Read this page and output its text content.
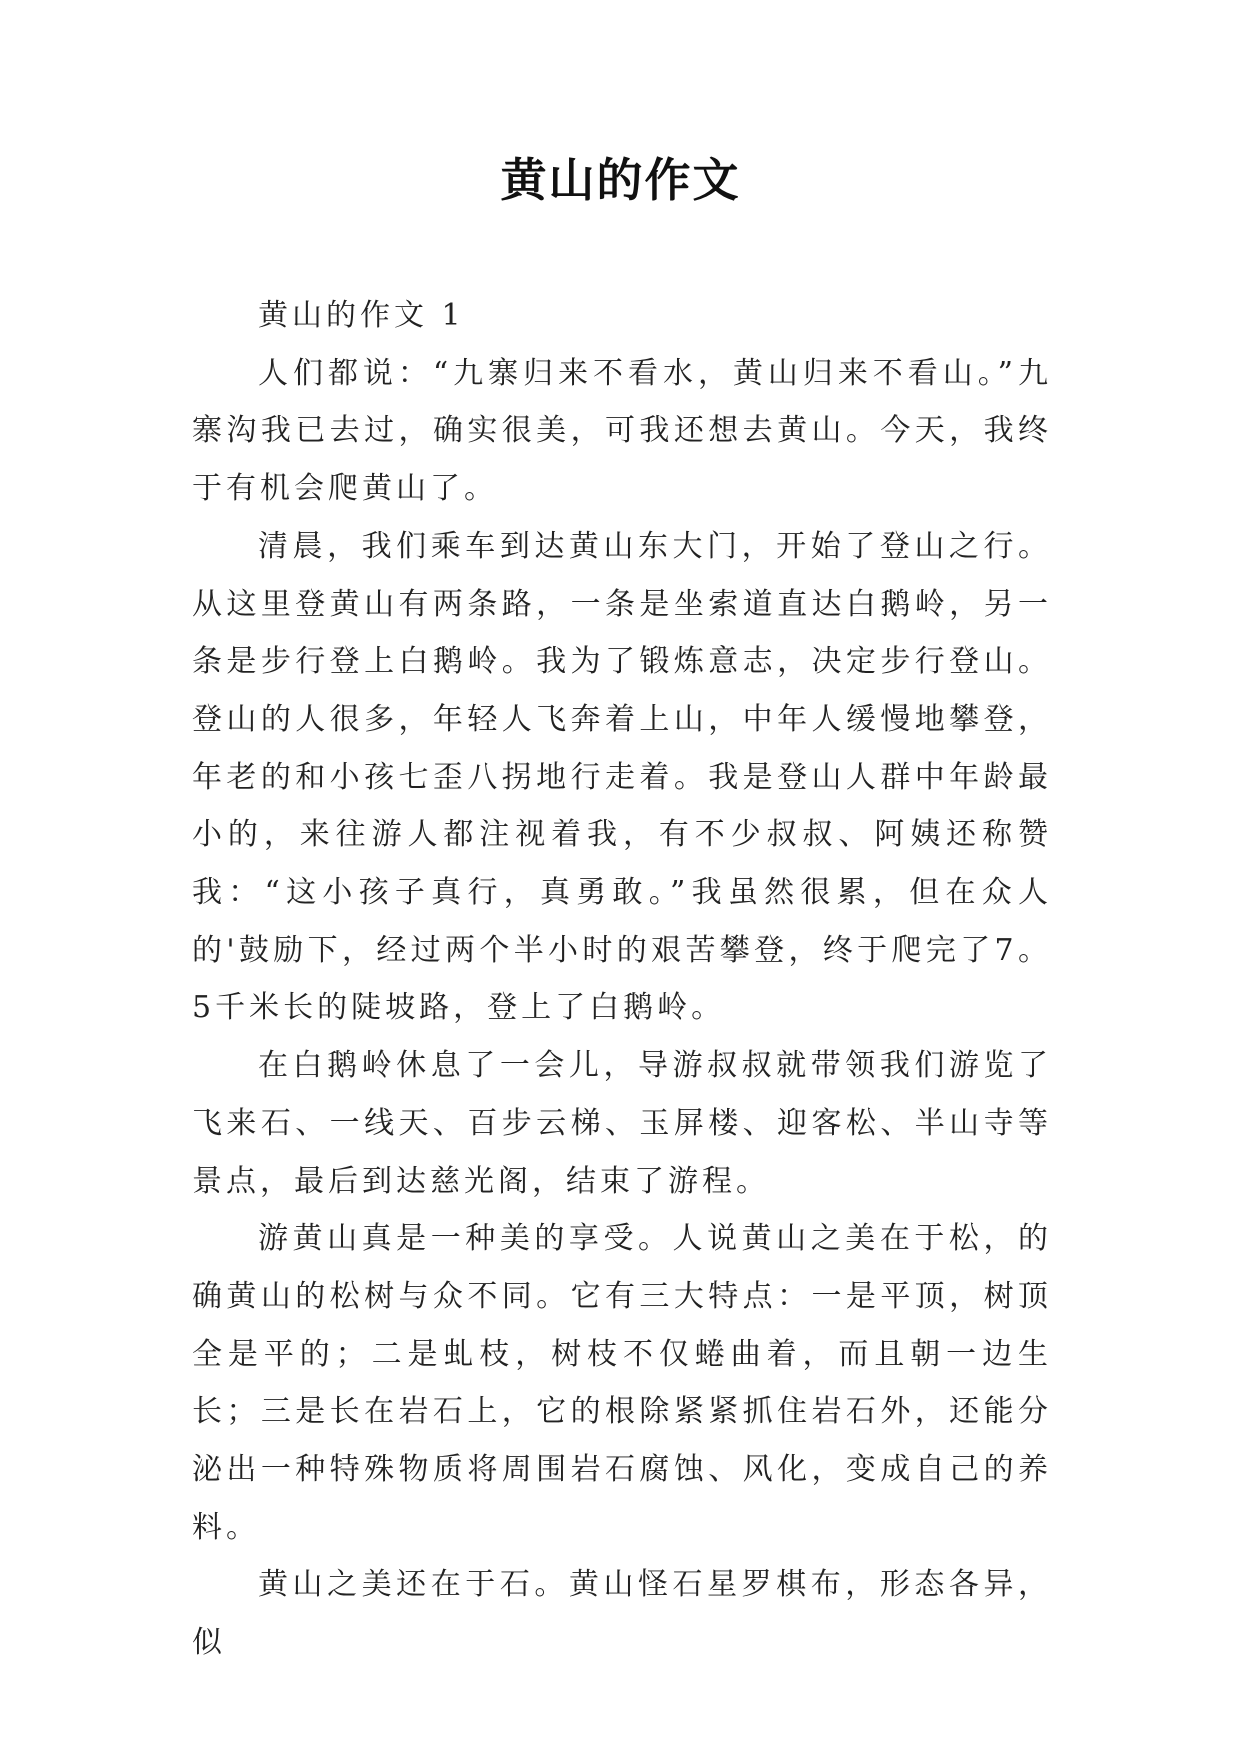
黄山的作文

黄山的作文 1

人们都说：“九寨归来不看水，黄山归来不看山。”九寨沟我已去过，确实很美，可我还想去黄山。今天，我终于有机会爬黄山了。

清晨，我们乘车到达黄山东大门，开始了登山之行。从这里登黄山有两条路，一条是坐索道直达白鹅岭，另一条是步行登上白鹅岭。我为了锻炼意志，决定步行登山。登山的人很多，年轻人飞奔着上山，中年人缓慢地攀登，年老的和小孩七歪八拐地行走着。我是登山人群中年龄最小的，来往游人都注视着我，有不少叔叔、阿姨还称赞我：“这小孩子真行，真勇敢。”我虽然很累，但在众人的'鼓励下，经过两个半小时的艰苦攀登，终于爬完了7。5千米长的陡坡路，登上了白鹅岭。

在白鹅岭休息了一会儿，导游叔叔就带领我们游览了飞来石、一线天、百步云梯、玉屏楼、迎客松、半山寺等景点，最后到达慈光阁，结束了游程。

游黄山真是一种美的享受。人说黄山之美在于松，的确黄山的松树与众不同。它有三大特点：一是平顶，树顶全是平的；二是虬枝，树枝不仅蜷曲着，而且朝一边生长；三是长在岩石上，它的根除紧紧抓住岩石外，还能分泌出一种特殊物质将周围岩石腐蚀、风化，变成自己的养料。

黄山之美还在于石。黄山怪石星罗棋布，形态各异，似
